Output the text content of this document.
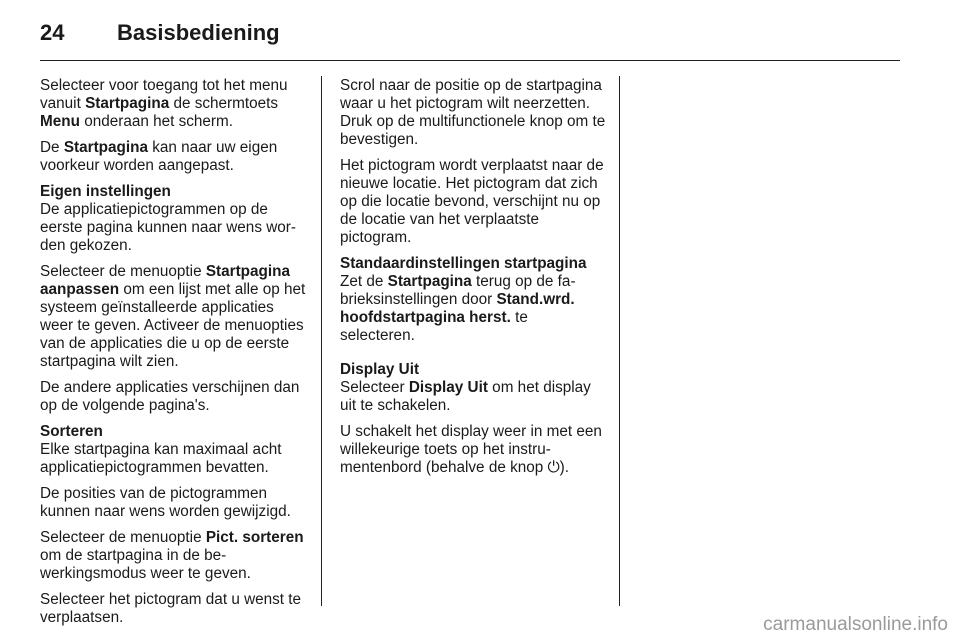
24 Basisbediening

Selecteer voor toegang tot het menu vanuit Startpagina de schermtoets Menu onderaan het scherm.

De Startpagina kan naar uw eigen voorkeur worden aangepast.

Eigen instellingen

De applicatiepictogrammen op de eerste pagina kunnen naar wens worden gekozen.

Selecteer de menuoptie Startpagina aanpassen om een lijst met alle op het systeem geïnstalleerde applicaties weer te geven. Activeer de menuopties van de applicaties die u op de eerste startpagina wilt zien.

De andere applicaties verschijnen dan op de volgende pagina's.

Sorteren

Elke startpagina kan maximaal acht applicatiepictogrammen bevatten.

De posities van de pictogrammen kunnen naar wens worden gewijzigd.

Selecteer de menuoptie Pict. sorteren om de startpagina in de bewerkingsmodus weer te geven.

Selecteer het pictogram dat u wenst te verplaatsen.

Scrol naar de positie op de startpagina waar u het pictogram wilt neerzetten. Druk op de multifunctionele knop om te bevestigen.

Het pictogram wordt verplaatst naar de nieuwe locatie. Het pictogram dat zich op die locatie bevond, verschijnt nu op de locatie van het verplaatste pictogram.

Standaardinstellingen startpagina

Zet de Startpagina terug op de fabrieksinstellingen door Stand.wrd. hoofdstartpagina herst. te selecteren.

Display Uit

Selecteer Display Uit om het display uit te schakelen.

U schakelt het display weer in met een willekeurige toets op het instrumentenbord (behalve de knop ⏻).

carmanualsonline.info
